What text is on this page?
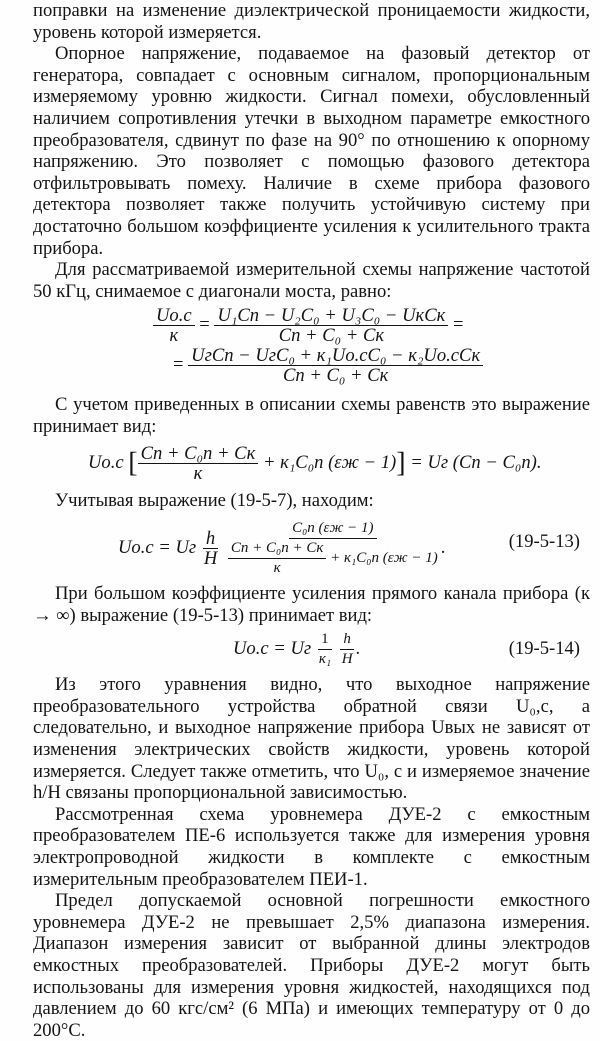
поправки на изменение диэлектрической проницаемости жидкости, уровень которой измеряется.

Опорное напряжение, подаваемое на фазовый детектор от генератора, совпадает с основным сигналом, пропорциональным измеряемому уровню жидкости. Сигнал помехи, обусловленный наличием сопротивления утечки в выходном параметре емкостного преобразователя, сдвинут по фазе на 90° по отношению к опорному напряжению. Это позволяет с помощью фазового детектора отфильтровывать помеху. Наличие в схеме прибора фазового детектора позволяет также получить устойчивую систему при достаточно большом коэффициенте усиления к усилительного тракта прибора.

Для рассматриваемой измерительной схемы напряжение частотой 50 кГц, снимаемое с диагонали моста, равно:

$\frac{Uo.c}{к} = \frac{\text{U₁Cп − U₂C₀ + U₃C₀ − UкCк}}{\text{Cп + C₀ + Cк}}$ =
= $\frac{\text{UгCп − UгC₀ + к₁Uo.cC₀ − к₂Uo.cCк}}{\text{Cп + C₀ + Cк}}$

С учетом приведенных в описании схемы равенств это выражение принимает вид:

Uo.c [ $\frac{\text{Cп + C₀п + Cк}}{к} + к_1C_0п$ (εж − 1)] = Uг (Cп − C₀п).

Учитывая выражение (19-5-7), находим:

Uo.c = Uг $\frac{h}{H}$
$\frac{\text{C₀п (εж − 1)}}{\frac{\text{Cп + C₀п + Cк}}{к} + к_1C_0п (\varepsilon ж - 1)}$ .	(19-5-13)

При большом коэффициенте усиления прямого канала прибора (к → ∞) выражение (19-5-13) принимает вид:

Uo.c = Uг $\frac{1}{\text{к₁}}$
$\frac{h}{H}$ .	(19-5-14)

Из этого уравнения видно, что выходное напряжение преобразовательного устройства обратной связи U₀,c, а следовательно, и выходное напряжение прибора Uвых не зависят от изменения электрических свойств жидкости, уровень которой измеряется. Следует также отметить, что U₀, c и измеряемое значение h/H связаны пропорциональной зависимостью.

Рассмотренная схема уровнемера ДУЕ-2 с емкостным преобразователем ПЕ-6 используется также для измерения уровня электропроводной жидкости в комплекте с емкостным измерительным преобразователем ПЕИ-1.

Предел допускаемой основной погрешности емкостного уровнемера ДУЕ-2 не превышает 2,5% диапазона измерения. Диапазон измерения зависит от выбранной длины электродов емкостных преобразователей. Приборы ДУЕ-2 могут быть использованы для измерения уровня жидкостей, находящихся под давлением до 60 кгс/см² (6 МПа) и имеющих температуру от 0 до 200°С.
